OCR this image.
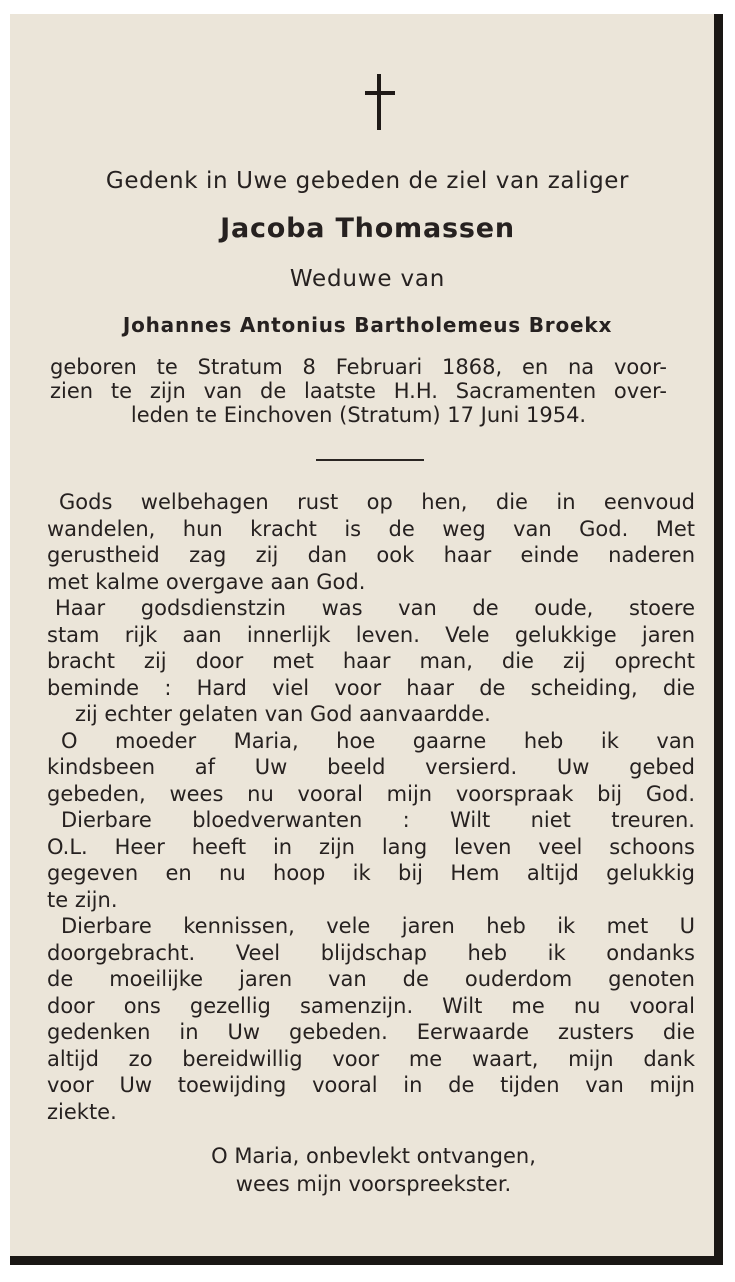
Gedenk in Uwe gebeden de ziel van zaliger
Jacoba Thomassen
Weduwe van
Johannes Antonius Bartholemeus Broekx
geboren te Stratum 8 Februari 1868, en na voor-
zien te zijn van de laatste H.H. Sacramenten over-
leden te Einchoven (Stratum) 17 Juni 1954.
Gods welbehagen rust op hen, die in eenvoud
wandelen, hun kracht is de weg van God. Met
gerustheid zag zij dan ook haar einde naderen
met kalme overgave aan God.
Haar godsdienstzin was van de oude, stoere
stam rijk aan innerlijk leven. Vele gelukkige jaren
bracht zij door met haar man, die zij oprecht
beminde : Hard viel voor haar de scheiding, die
zij echter gelaten van God aanvaardde.
O moeder Maria, hoe gaarne heb ik van
kindsbeen af Uw beeld versierd. Uw gebed
gebeden, wees nu vooral mijn voorspraak bij God.
Dierbare bloedverwanten : Wilt niet treuren.
O.L. Heer heeft in zijn lang leven veel schoons
gegeven en nu hoop ik bij Hem altijd gelukkig
te zijn.
Dierbare kennissen, vele jaren heb ik met U
doorgebracht. Veel blijdschap heb ik ondanks
de moeilijke jaren van de ouderdom genoten
door ons gezellig samenzijn. Wilt me nu vooral
gedenken in Uw gebeden. Eerwaarde zusters die
altijd zo bereidwillig voor me waart, mijn dank
voor Uw toewijding vooral in de tijden van mijn
ziekte.
O Maria, onbevlekt ontvangen,
wees mijn voorspreekster.
